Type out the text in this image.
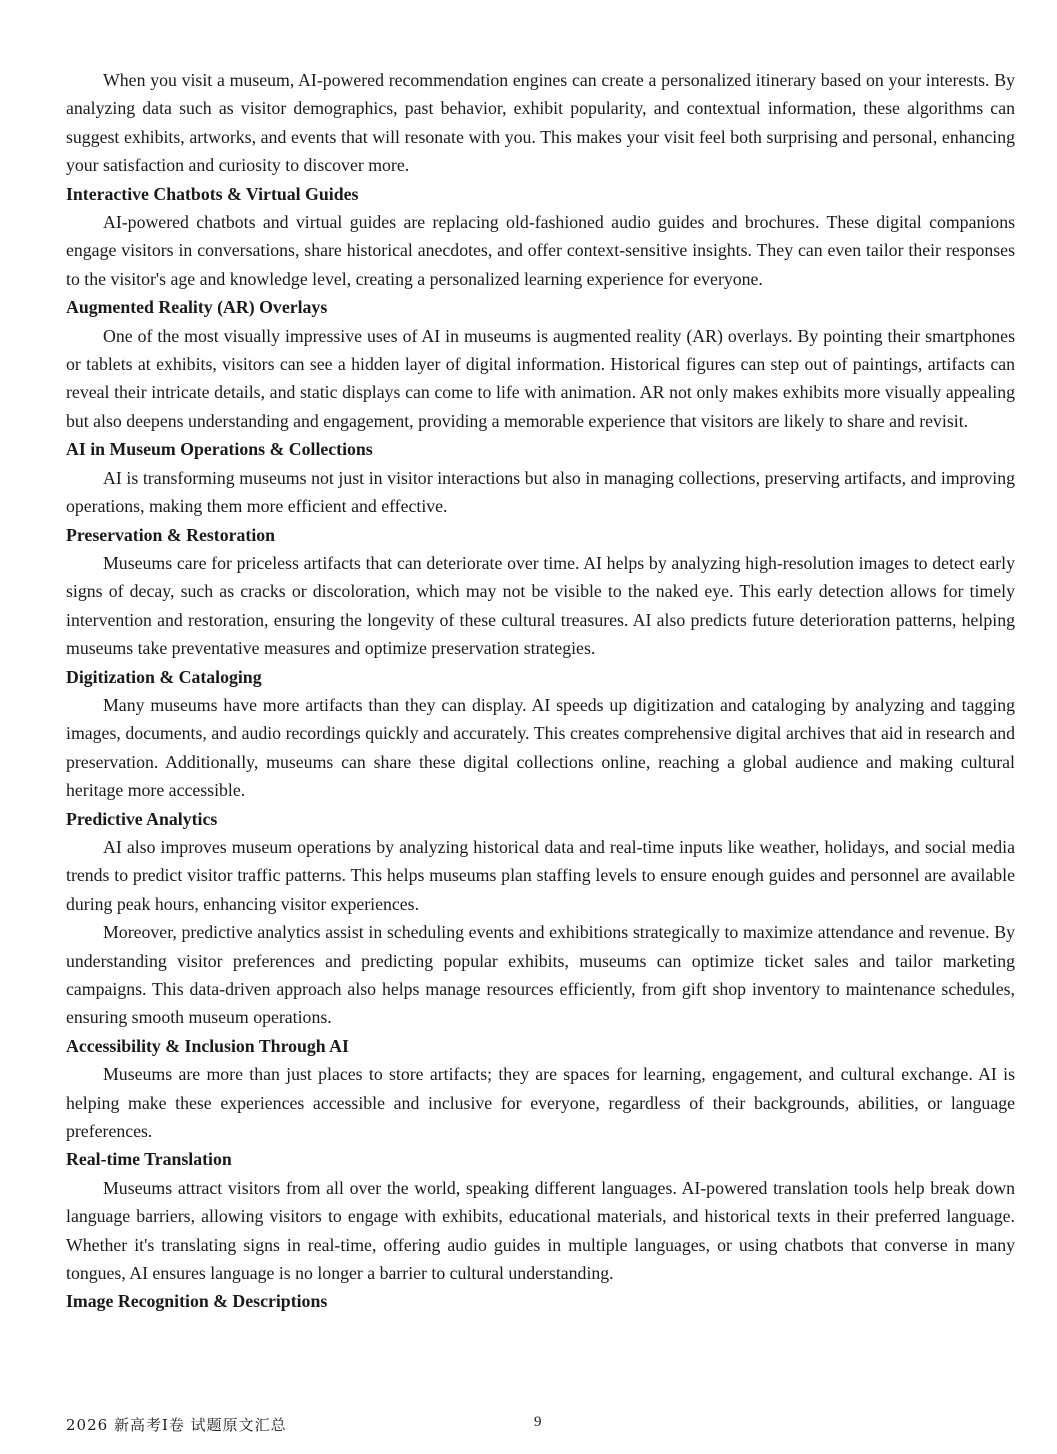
When you visit a museum, AI-powered recommendation engines can create a personalized itinerary based on your interests. By analyzing data such as visitor demographics, past behavior, exhibit popularity, and contextual information, these algorithms can suggest exhibits, artworks, and events that will resonate with you. This makes your visit feel both surprising and personal, enhancing your satisfaction and curiosity to discover more.

Interactive Chatbots & Virtual Guides

AI-powered chatbots and virtual guides are replacing old-fashioned audio guides and brochures. These digital companions engage visitors in conversations, share historical anecdotes, and offer context-sensitive insights. They can even tailor their responses to the visitor's age and knowledge level, creating a personalized learning experience for everyone.

Augmented Reality (AR) Overlays

One of the most visually impressive uses of AI in museums is augmented reality (AR) overlays. By pointing their smartphones or tablets at exhibits, visitors can see a hidden layer of digital information. Historical figures can step out of paintings, artifacts can reveal their intricate details, and static displays can come to life with animation. AR not only makes exhibits more visually appealing but also deepens understanding and engagement, providing a memorable experience that visitors are likely to share and revisit.

AI in Museum Operations & Collections

AI is transforming museums not just in visitor interactions but also in managing collections, preserving artifacts, and improving operations, making them more efficient and effective.

Preservation & Restoration

Museums care for priceless artifacts that can deteriorate over time. AI helps by analyzing high-resolution images to detect early signs of decay, such as cracks or discoloration, which may not be visible to the naked eye. This early detection allows for timely intervention and restoration, ensuring the longevity of these cultural treasures. AI also predicts future deterioration patterns, helping museums take preventative measures and optimize preservation strategies.

Digitization & Cataloging

Many museums have more artifacts than they can display. AI speeds up digitization and cataloging by analyzing and tagging images, documents, and audio recordings quickly and accurately. This creates comprehensive digital archives that aid in research and preservation. Additionally, museums can share these digital collections online, reaching a global audience and making cultural heritage more accessible.

Predictive Analytics

AI also improves museum operations by analyzing historical data and real-time inputs like weather, holidays, and social media trends to predict visitor traffic patterns. This helps museums plan staffing levels to ensure enough guides and personnel are available during peak hours, enhancing visitor experiences.

Moreover, predictive analytics assist in scheduling events and exhibitions strategically to maximize attendance and revenue. By understanding visitor preferences and predicting popular exhibits, museums can optimize ticket sales and tailor marketing campaigns. This data-driven approach also helps manage resources efficiently, from gift shop inventory to maintenance schedules, ensuring smooth museum operations.

Accessibility & Inclusion Through AI

Museums are more than just places to store artifacts; they are spaces for learning, engagement, and cultural exchange. AI is helping make these experiences accessible and inclusive for everyone, regardless of their backgrounds, abilities, or language preferences.

Real-time Translation

Museums attract visitors from all over the world, speaking different languages. AI-powered translation tools help break down language barriers, allowing visitors to engage with exhibits, educational materials, and historical texts in their preferred language. Whether it's translating signs in real-time, offering audio guides in multiple languages, or using chatbots that converse in many tongues, AI ensures language is no longer a barrier to cultural understanding.

Image Recognition & Descriptions
2026 新高考I卷 试题原文汇总	9
